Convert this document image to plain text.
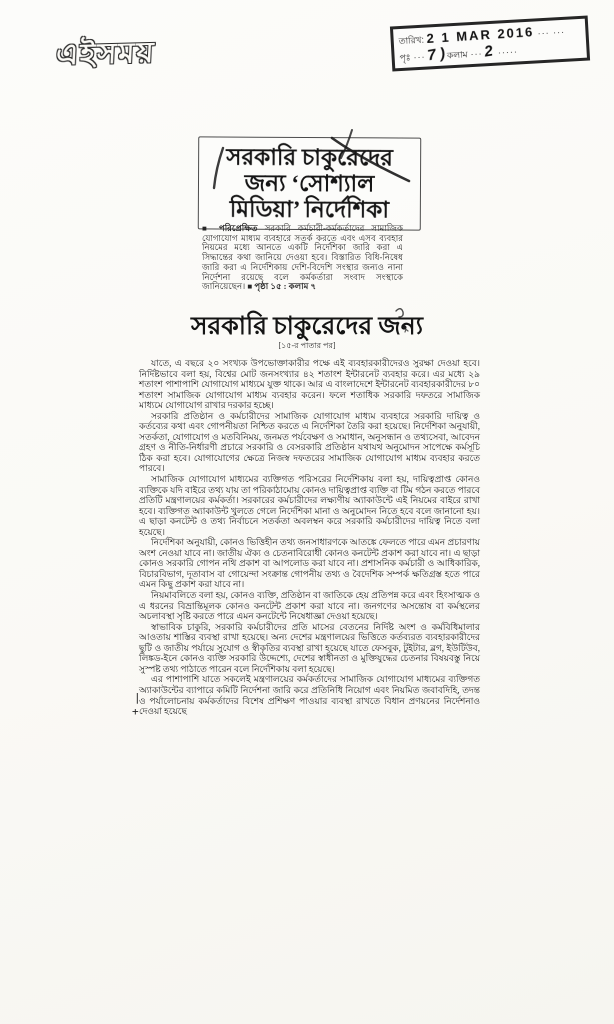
এইসময়	তারিখ: 2 1 MAR 2016 ··· ···
পৃঃ ··· 7 ) কলাম ··· 2 ·····
সরকারি চাকুরেদের
জন্য ‘সোশ্যাল
মিডিয়া’ নির্দেশিকা
■ পরিপ্রেক্ষিত সরকারি কর্মচারী-কর্মকর্তাদের সামাজিক যোগাযোগ মাধ্যম ব্যবহারে সতর্ক করতে এবং এসব ব্যবহার নিয়মের মধ্যে আনতে একটি নির্দেশিকা জারি করা এ সিদ্ধান্তের কথা জানিয়ে দেওয়া হবে। বিস্তারিত বিধি-নিষেধ জারি করা এ নির্দেশিকায় দেশি-বিদেশি সংস্থার জন্যও নানা নির্দেশনা রয়েছে বলে কর্মকর্তারা সংবাদ সংস্থাকে জানিয়েছেন। ■ পৃষ্ঠা ১৫ : কলাম ৭
সরকারি চাকুরেদের জন্য
[১৫-র পাতার পর]

যাতে, এ বছরে ২০ সংখ্যক উপভোক্তাকারীর পক্ষে এই ব্যবহারকারীদেরও সুরক্ষা দেওয়া হবে। নির্দিষ্টভাবে বলা হয়, বিশ্বের মোট জনসংখ্যার ৪২ শতাংশ ইন্টারনেট ব্যবহার করে। এর মধ্যে ২৯ শতাংশ পাশাপাশি যোগাযোগ মাধ্যমে যুক্ত থাকে। আর এ বাংলাদেশে ইন্টারনেট ব্যবহারকারীদের ৮০ শতাংশ সামাজিক যোগাযোগ মাধ্যম ব্যবহার করেন। ফলে শতাধিক সরকারি দফতরে সামাজিক মাধ্যমে যোগাযোগ রাখার দরকার হচ্ছে।

সরকারি প্রতিষ্ঠান ও কর্মচারীদের সামাজিক যোগাযোগ মাধ্যম ব্যবহারে সরকারি দায়িত্ব ও কর্তব্যের কথা এবং গোপনীয়তা নিশ্চিত করতে এ নির্দেশিকা তৈরি করা হয়েছে। নির্দেশিকা অনুযায়ী, সতর্কতা, যোগাযোগ ও মতবিনিময়, জনমত পর্যবেক্ষণ ও সমাধান, অনুসন্ধান ও তথ্যসেবা, আবেদন গ্রহণ ও নীতি-নির্ধারণী প্রচারে সরকারি ও বেসরকারি প্রতিষ্ঠান যথাযথ অনুমোদন সাপেক্ষে কর্মসূচি ঠিক করা হবে। যোগাযোগের ক্ষেত্রে নিজস্ব দফতরের সামাজিক যোগাযোগ মাধ্যম ব্যবহার করতে পারবে।

সামাজিক যোগাযোগ মাধ্যমের ব্যক্তিগত পরিসরের নির্দেশিকায় বলা হয়, দায়িত্বপ্রাপ্ত কোনও ব্যক্তিকে যদি বাইরে তথ্য যায় তা পরিকাঠামোয় কোনও দায়িত্বপ্রাপ্ত ব্যক্তি বা টিম গঠন করতে পারবে প্রতিটি মন্ত্রণালয়ের কর্মকর্তা। সরকারের কর্মচারীদের লক্ষ্যণীয় অ্যাকাউন্টে এই নিয়মের বাইরে রাখা হবে। ব্যক্তিগত অ্যাকাউন্ট খুলতে গেলে নির্দেশিকা মানা ও অনুমোদন নিতে হবে বলে জানানো হয়। এ ছাড়া কনটেন্ট ও তথ্য নির্বাচনে সতর্কতা অবলম্বন করে সরকারি কর্মচারীদের দায়িত্ব নিতে বলা হয়েছে।

নির্দেশিকা অনুযায়ী, কোনও ভিত্তিহীন তথ্য জনসাধারণকে আতঙ্কে ফেলতে পারে এমন প্রচারণায় অংশ নেওয়া যাবে না। জাতীয় ঐক্য ও চেতনাবিরোধী কোনও কনটেন্ট প্রকাশ করা যাবে না। এ ছাড়া কোনও সরকারি গোপন নথি প্রকাশ বা আপলোড করা যাবে না। প্রশাসনিক কর্মচারী ও আধিকারিক, বিচারবিভাগ, দূতাবাস বা গোয়েন্দা সংক্রান্ত গোপনীয় তথ্য ও বৈদেশিক সম্পর্ক ক্ষতিগ্রস্ত হতে পারে এমন কিছু প্রকাশ করা যাবে না।

নিয়মাবলিতে বলা হয়, কোনও ব্যক্তি, প্রতিষ্ঠান বা জাতিকে হেয় প্রতিপন্ন করে এবং হিংসাত্মক ও এ ধরনের বিভ্রান্তিমূলক কোনও কনটেন্ট প্রকাশ করা যাবে না। জনগণের অসন্তোষ বা কর্মস্থলের অচলাবস্থা সৃষ্টি করতে পারে এমন কনটেন্টে নিষেধাজ্ঞা দেওয়া হয়েছে।

স্বাভাবিক চাকুরি, সরকারি কর্মচারীদের প্রতি মাসের বেতনের নির্দিষ্ট অংশ ও কর্মবিধিমালার আওতায় শাস্তির ব্যবস্থা রাখা হয়েছে। অন্য দেশের মন্ত্রণালয়ের ভিত্তিতে কর্তব্যরত ব্যবহারকারীদের ছুটি ও জাতীয় পর্যায়ে সুযোগ ও স্বীকৃতির ব্যবস্থা রাখা হয়েছে যাতে ফেসবুক, টুইটার, ব্লগ, ইউটিউব, লিঙ্কড-ইনে কোনও ব্যক্তি সরকারি উদ্দেশ্যে, দেশের স্বাধীনতা ও মুক্তিযুদ্ধের চেতনার বিষয়বস্তু নিয়ে সুস্পষ্ট তথ্য পাঠাতে পারেন বলে নির্দেশিকায় বলা হয়েছে।

এর পাশাপাশি যাতে সকলেই মন্ত্রণালয়ের কর্মকর্তাদের সামাজিক যোগাযোগ মাধ্যমের ব্যক্তিগত অ্যাকাউন্টের ব্যাপারে কমিটি নির্দেশনা জারি করে প্রতিনিধি নিয়োগ এবং নিয়মিত জবাবদিহি, তদন্ত ও পর্যালোচনায় কর্মকর্তাদের বিশেষ প্রশিক্ষণ পাওয়ার ব্যবস্থা রাখতে বিধান প্রণয়নের নির্দেশনাও দেওয়া হয়েছে

|
+
